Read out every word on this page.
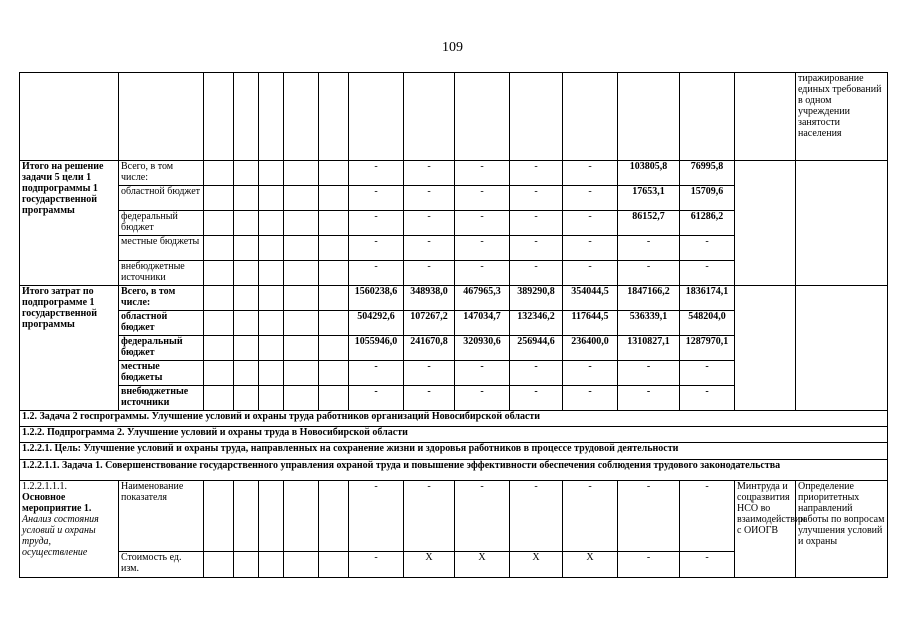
109
															тиражирование единых требований в одном учреждении занятости населения
Итого на решение задачи 5 цели 1 подпрограммы 1 государственной программы	Всего, в том числе:						-	-	-	-	-	103805,8	76995,8		
	областной бюджет						-	-	-	-	-	17653,1	15709,6		
	федеральный бюджет						-	-	-	-	-	86152,7	61286,2		
	местные бюджеты						-	-	-	-	-	-	-		
	внебюджетные источники						-	-	-	-	-	-	-		
Итого затрат по подпрограмме 1 государственной программы	Всего, в том числе:						1560238,6	348938,0	467965,3	389290,8	354044,5	1847166,2	1836174,1		
	областной бюджет						504292,6	107267,2	147034,7	132346,2	117644,5	536339,1	548204,0		
	федеральный бюджет						1055946,0	241670,8	320930,6	256944,6	236400,0	1310827,1	1287970,1		
	местные бюджеты						-	-	-	-	-	-	-		
	внебюджетные источники						-	-	-	-	-	-	-		
1.2. Задача 2 госпрограммы. Улучшение условий и охраны труда работников организаций Новосибирской области															
1.2.2. Подпрограмма 2. Улучшение условий и охраны труда в Новосибирской области															
1.2.2.1. Цель: Улучшение условий и охраны труда, направленных на сохранение жизни и здоровья работников в процессе трудовой деятельности															
1.2.2.1.1. Задача 1. Совершенствование государственного управления охраной труда и повышение эффективности обеспечения соблюдения трудового законодательства															

1.2.2.1.1.1.
Основное мероприятие 1.
Анализ состояния условий и охраны труда, осуществление	Наименование показателя						-	-	-	-	-	-	-	Минтруда и соцразвития НСО во взаимодействии с ОИОГВ	Определение приоритетных направлений работы по вопросам улучшения условий и охраны
	Стоимость ед. изм.						-	X	X	X	X	-	-		
